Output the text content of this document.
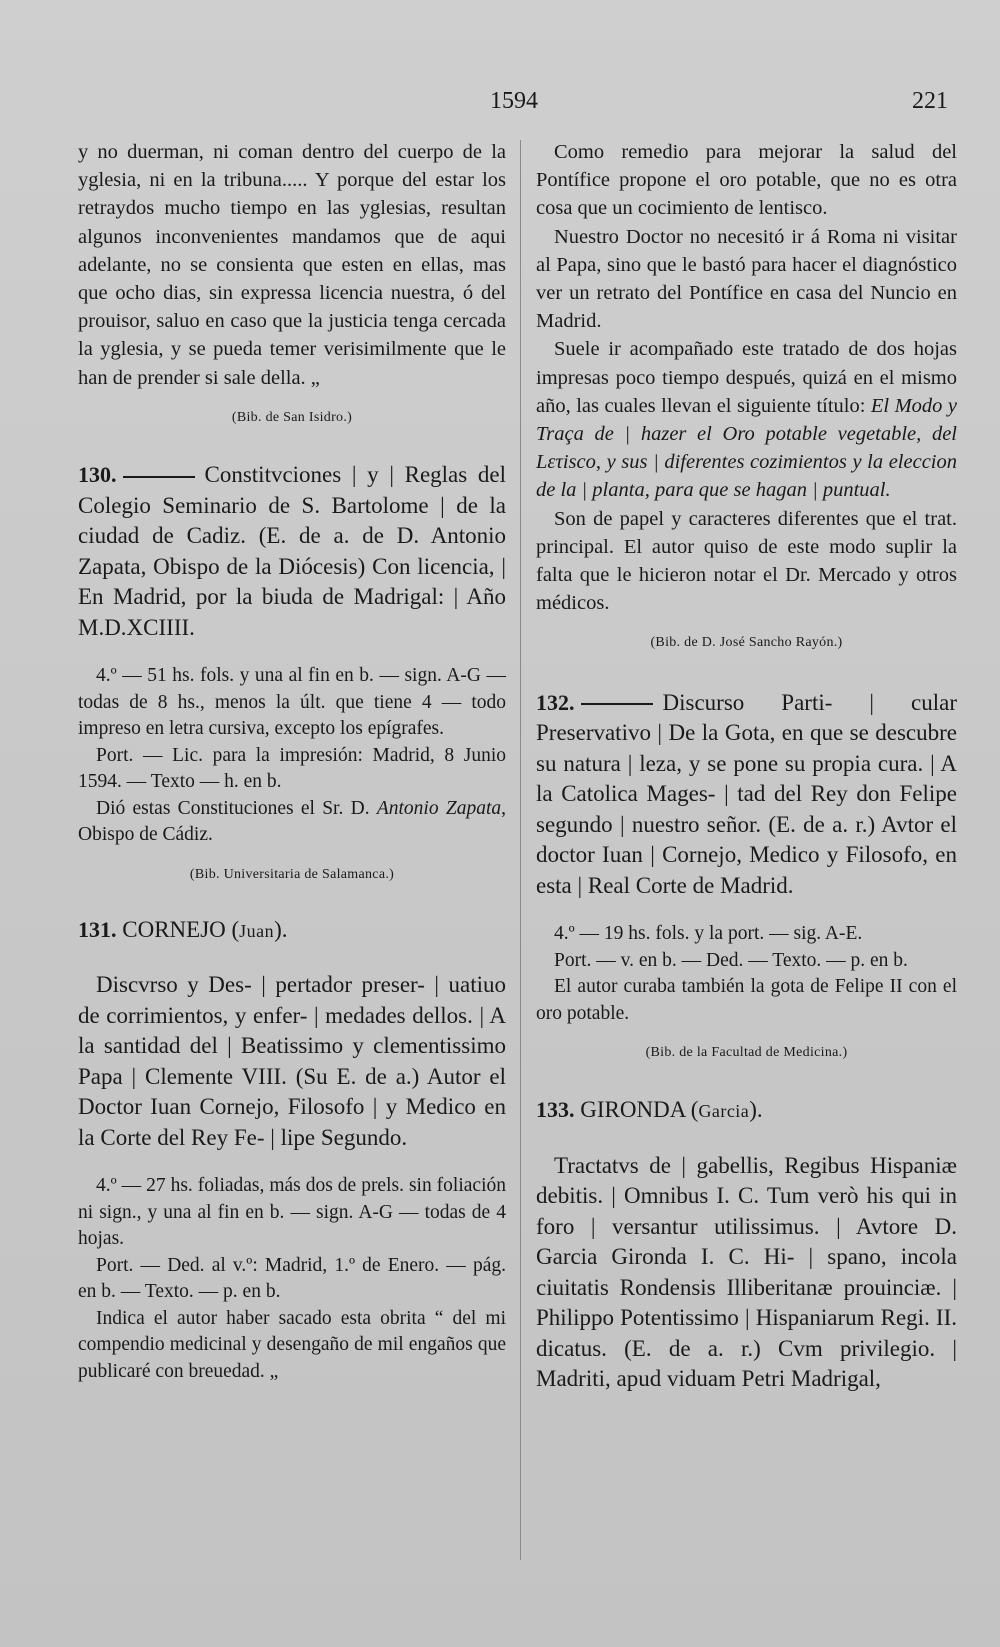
1594	221

y no duerman, ni coman dentro del cuerpo de la yglesia, ni en la tribuna..... Y porque del estar los retraydos mucho tiempo en las yglesias, resultan algunos inconvenientes mandamos que de aqui adelante, no se consienta que esten en ellas, mas que ocho dias, sin expressa licencia nuestra, ó del prouisor, saluo en caso que la justicia tenga cercada la yglesia, y se pueda temer verisimilmente que le han de prender si sale della. „

(Bib. de San Isidro.)

130.	Constitvciones | y | Reglas del Colegio Seminario de S. Bartolome | de la ciudad de Cadiz. (E. de a. de D. Antonio Zapata, Obispo de la Diócesis) Con licencia, | En Madrid, por la biuda de Madrigal: | Año M.D.XCIIII.

4.º — 51 hs. fols. y una al fin en b. — sign. A-G — todas de 8 hs., menos la últ. que tiene 4 — todo impreso en letra cursiva, excepto los epígrafes.

Port. — Lic. para la impresión: Madrid, 8 Junio 1594. — Texto — h. en b.

Dió estas Constituciones el Sr. D. Antonio Zapata, Obispo de Cádiz.

(Bib. Universitaria de Salamanca.)

131. CORNEJO (Juan).

Discvrso y Des- | pertador preser- | uatiuo de corrimientos, y enfer- | medades dellos. | A la santidad del | Beatissimo y clementissimo Papa | Clemente VIII. (Su E. de a.) Autor el Doctor Iuan Cornejo, Filosofo | y Medico en la Corte del Rey Fe- | lipe Segundo.

4.º — 27 hs. foliadas, más dos de prels. sin foliación ni sign., y una al fin en b. — sign. A-G — todas de 4 hojas.

Port. — Ded. al v.º: Madrid, 1.º de Enero. — pág. en b. — Texto. — p. en b.

Indica el autor haber sacado esta obrita “ del mi compendio medicinal y desengaño de mil engaños que publicaré con breuedad. „

Como remedio para mejorar la salud del Pontífice propone el oro potable, que no es otra cosa que un cocimiento de lentisco.

Nuestro Doctor no necesitó ir á Roma ni visitar al Papa, sino que le bastó para hacer el diagnóstico ver un retrato del Pontífice en casa del Nuncio en Madrid.

Suele ir acompañado este tratado de dos hojas impresas poco tiempo después, quizá en el mismo año, las cuales llevan el siguiente título: El Modo y Traça de | hazer el Oro potable vegetable, del Lετisco, y sus | diferentes cozimientos y la eleccion de la | planta, para que se hagan | puntual.

Son de papel y caracteres diferentes que el trat. principal. El autor quiso de este modo suplir la falta que le hicieron notar el Dr. Mercado y otros médicos.

(Bib. de D. José Sancho Rayón.)

132.	Discurso Parti- | cular Preservativo | De la Gota, en que se descubre su natura | leza, y se pone su propia cura. | A la Catolica Mages- | tad del Rey don Felipe segundo | nuestro señor. (E. de a. r.) Avtor el doctor Iuan | Cornejo, Medico y Filosofo, en esta | Real Corte de Madrid.

4.º — 19 hs. fols. y la port. — sig. A-E.

Port. — v. en b. — Ded. — Texto. — p. en b.

El autor curaba también la gota de Felipe II con el oro potable.

(Bib. de la Facultad de Medicina.)

133. GIRONDA (Garcia).

Tractatvs de | gabellis, Regibus Hispaniæ debitis. | Omnibus I. C. Tum verò his qui in foro | versantur utilissimus. | Avtore D. Garcia Gironda I. C. Hi- | spano, incola ciuitatis Rondensis Illiberitanæ prouinciæ. | Philippo Potentissimo | Hispaniarum Regi. II. dicatus. (E. de a. r.) Cvm privilegio. | Madriti, apud viduam Petri Madrigal,
